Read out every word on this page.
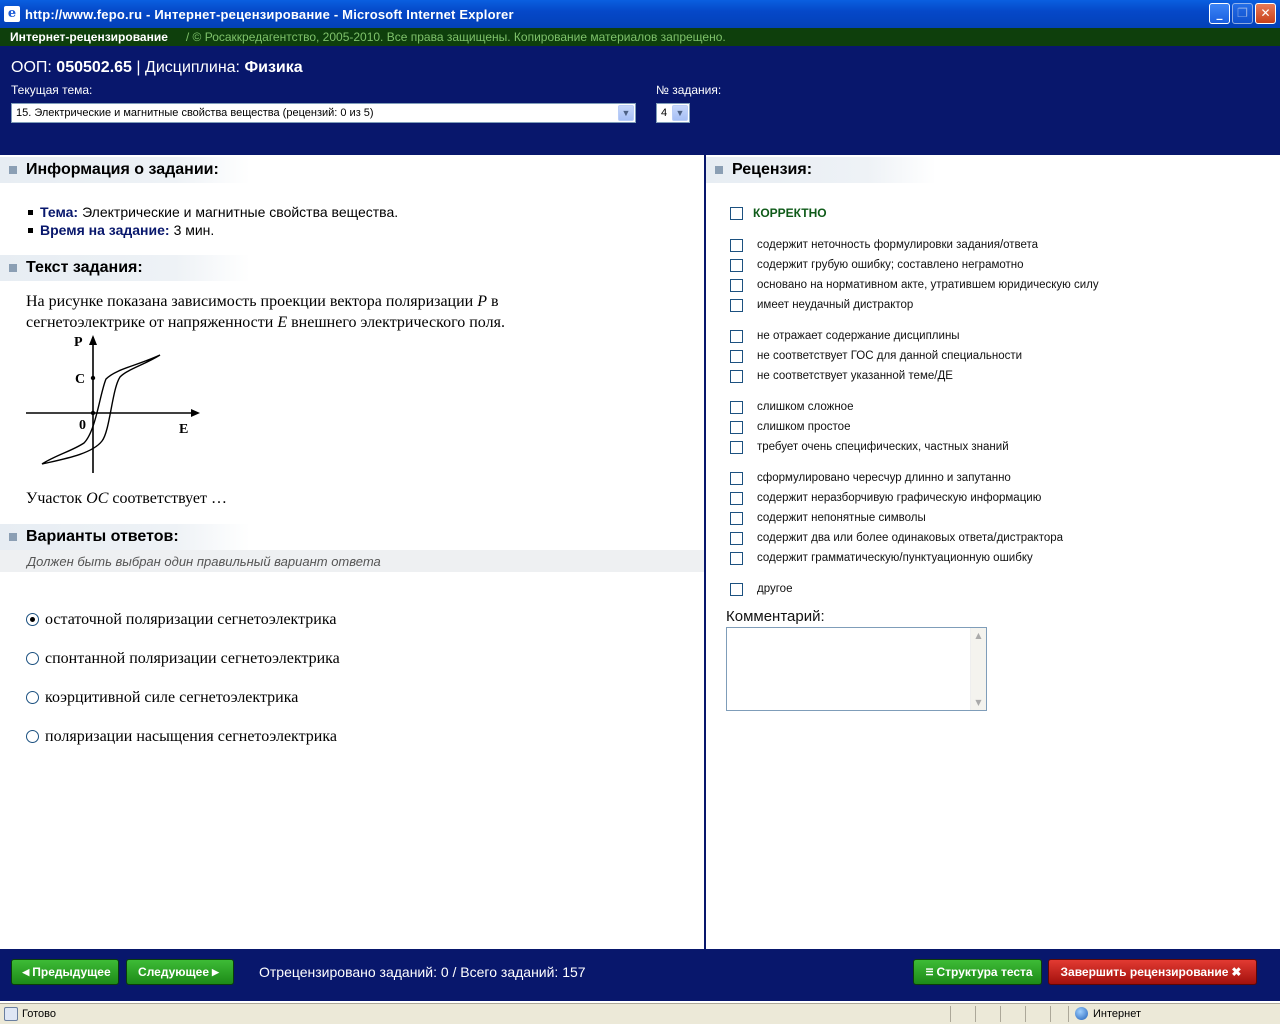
e http://www.fepo.ru - Интернет-рецензирование - Microsoft Internet Explorer	_	❐	✕
Интернет-рецензирование / © Росаккредагентство, 2005-2010. Все права защищены. Копирование материалов запрещено.
ООП: 050502.65 | Дисциплина: Физика
Текущая тема:
15. Электрические и магнитные свойства вещества (рецензий: 0 из 5)	▼
№ задания:
4 ▼
Информация о задании:
Тема: Электрические и магнитные свойства вещества.
Время на задание: 3 мин.
Текст задания:
На рисунке показана зависимость проекции вектора поляризации P в
сегнетоэлектрике от напряженности E внешнего электрического поля.
P
C
0	E
Участок OC соответствует …
Варианты ответов:
Должен быть выбран один правильный вариант ответа
остаточной поляризации сегнетоэлектрика
спонтанной поляризации сегнетоэлектрика
коэрцитивной силе сегнетоэлектрика
поляризации насыщения сегнетоэлектрика
Рецензия:
КОРРЕКТНО
содержит неточность формулировки задания/ответа
содержит грубую ошибку; составлено неграмотно
основано на нормативном акте, утратившем юридическую силу
имеет неудачный дистрактор
не отражает содержание дисциплины
не соответствует ГОС для данной специальности
не соответствует указанной теме/ДЕ
слишком сложное
слишком простое
требует очень специфических, частных знаний
сформулировано чересчур длинно и запутанно
содержит неразборчивую графическую информацию
содержит непонятные символы
содержит два или более одинаковых ответа/дистрактора
содержит грамматическую/пунктуационную ошибку
другое
Комментарий:
▲
▼
◀ Предыдущее Следующее ▶	Отрецензировано заданий: 0 / Всего заданий: 157	☰ Структура теста Завершить рецензирование ✖
Готово	Интернет
